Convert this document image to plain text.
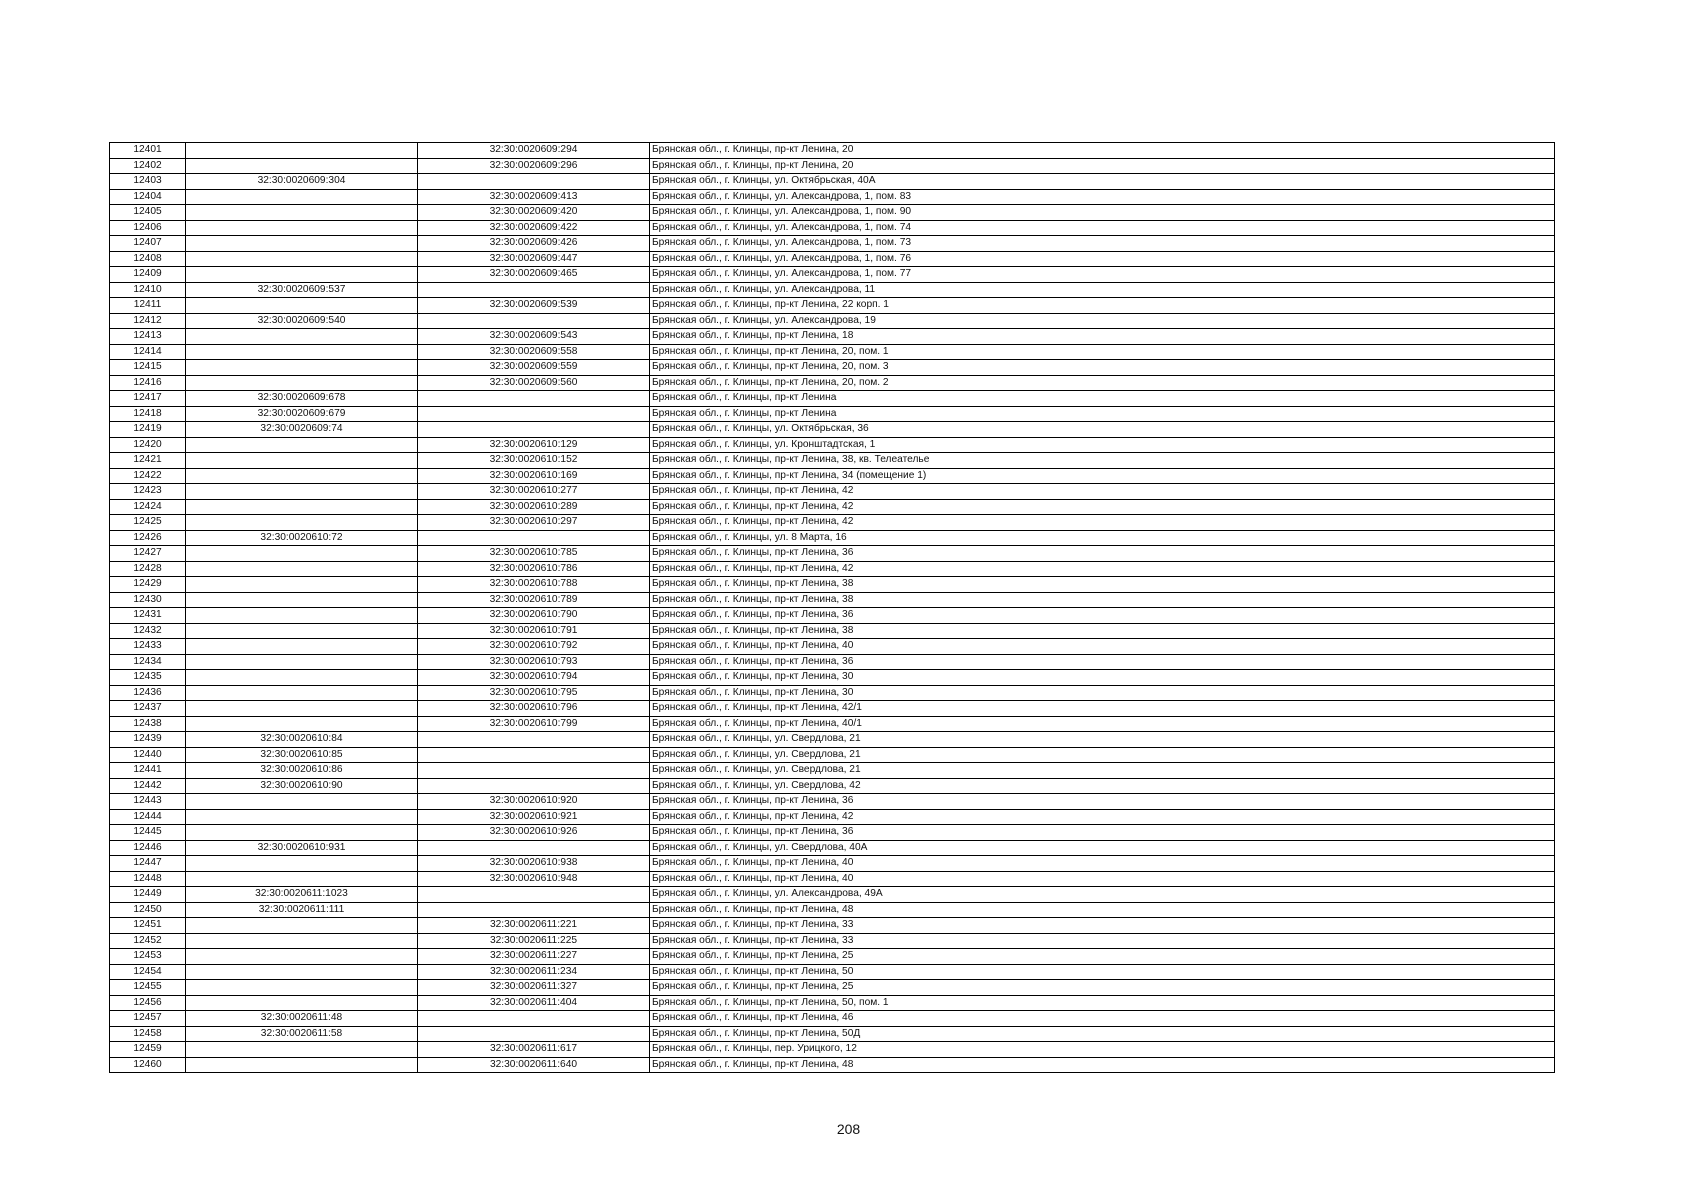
12401		32:30:0020609:294	Брянская обл., г. Клинцы, пр-кт Ленина, 20
12402		32:30:0020609:296	Брянская обл., г. Клинцы, пр-кт Ленина, 20
12403	32:30:0020609:304		Брянская обл., г. Клинцы, ул. Октябрьская, 40А
12404		32:30:0020609:413	Брянская обл., г. Клинцы, ул. Александрова, 1, пом. 83
12405		32:30:0020609:420	Брянская обл., г. Клинцы, ул. Александрова, 1, пом. 90
12406		32:30:0020609:422	Брянская обл., г. Клинцы, ул. Александрова, 1, пом. 74
12407		32:30:0020609:426	Брянская обл., г. Клинцы, ул. Александрова, 1, пом. 73
12408		32:30:0020609:447	Брянская обл., г. Клинцы, ул. Александрова, 1, пом. 76
12409		32:30:0020609:465	Брянская обл., г. Клинцы, ул. Александрова, 1, пом. 77
12410	32:30:0020609:537		Брянская обл., г. Клинцы, ул. Александрова, 11
12411		32:30:0020609:539	Брянская обл., г. Клинцы, пр-кт Ленина, 22 корп. 1
12412	32:30:0020609:540		Брянская обл., г. Клинцы, ул. Александрова, 19
12413		32:30:0020609:543	Брянская обл., г. Клинцы, пр-кт Ленина, 18
12414		32:30:0020609:558	Брянская обл., г. Клинцы, пр-кт Ленина, 20, пом. 1
12415		32:30:0020609:559	Брянская обл., г. Клинцы, пр-кт Ленина, 20, пом. 3
12416		32:30:0020609:560	Брянская обл., г. Клинцы, пр-кт Ленина, 20, пом. 2
12417	32:30:0020609:678		Брянская обл., г. Клинцы, пр-кт Ленина
12418	32:30:0020609:679		Брянская обл., г. Клинцы, пр-кт Ленина
12419	32:30:0020609:74		Брянская обл., г. Клинцы, ул. Октябрьская, 36
12420		32:30:0020610:129	Брянская обл., г. Клинцы, ул. Кронштадтская, 1
12421		32:30:0020610:152	Брянская обл., г. Клинцы, пр-кт Ленина, 38, кв. Телеателье
12422		32:30:0020610:169	Брянская обл., г. Клинцы, пр-кт Ленина, 34 (помещение 1)
12423		32:30:0020610:277	Брянская обл., г. Клинцы, пр-кт Ленина, 42
12424		32:30:0020610:289	Брянская обл., г. Клинцы, пр-кт Ленина, 42
12425		32:30:0020610:297	Брянская обл., г. Клинцы, пр-кт Ленина, 42
12426	32:30:0020610:72		Брянская обл., г. Клинцы, ул. 8 Марта, 16
12427		32:30:0020610:785	Брянская обл., г. Клинцы, пр-кт Ленина, 36
12428		32:30:0020610:786	Брянская обл., г. Клинцы, пр-кт Ленина, 42
12429		32:30:0020610:788	Брянская обл., г. Клинцы, пр-кт Ленина, 38
12430		32:30:0020610:789	Брянская обл., г. Клинцы, пр-кт Ленина, 38
12431		32:30:0020610:790	Брянская обл., г. Клинцы, пр-кт Ленина, 36
12432		32:30:0020610:791	Брянская обл., г. Клинцы, пр-кт Ленина, 38
12433		32:30:0020610:792	Брянская обл., г. Клинцы, пр-кт Ленина, 40
12434		32:30:0020610:793	Брянская обл., г. Клинцы, пр-кт Ленина, 36
12435		32:30:0020610:794	Брянская обл., г. Клинцы, пр-кт Ленина, 30
12436		32:30:0020610:795	Брянская обл., г. Клинцы, пр-кт Ленина, 30
12437		32:30:0020610:796	Брянская обл., г. Клинцы, пр-кт Ленина, 42/1
12438		32:30:0020610:799	Брянская обл., г. Клинцы, пр-кт Ленина, 40/1
12439	32:30:0020610:84		Брянская обл., г. Клинцы, ул. Свердлова, 21
12440	32:30:0020610:85		Брянская обл., г. Клинцы, ул. Свердлова, 21
12441	32:30:0020610:86		Брянская обл., г. Клинцы, ул. Свердлова, 21
12442	32:30:0020610:90		Брянская обл., г. Клинцы, ул. Свердлова, 42
12443		32:30:0020610:920	Брянская обл., г. Клинцы, пр-кт Ленина, 36
12444		32:30:0020610:921	Брянская обл., г. Клинцы, пр-кт Ленина, 42
12445		32:30:0020610:926	Брянская обл., г. Клинцы, пр-кт Ленина, 36
12446	32:30:0020610:931		Брянская обл., г. Клинцы, ул. Свердлова, 40А
12447		32:30:0020610:938	Брянская обл., г. Клинцы, пр-кт Ленина, 40
12448		32:30:0020610:948	Брянская обл., г. Клинцы, пр-кт Ленина, 40
12449	32:30:0020611:1023		Брянская обл., г. Клинцы, ул. Александрова, 49А
12450	32:30:0020611:111		Брянская обл., г. Клинцы, пр-кт Ленина, 48
12451		32:30:0020611:221	Брянская обл., г. Клинцы, пр-кт Ленина, 33
12452		32:30:0020611:225	Брянская обл., г. Клинцы, пр-кт Ленина, 33
12453		32:30:0020611:227	Брянская обл., г. Клинцы, пр-кт Ленина, 25
12454		32:30:0020611:234	Брянская обл., г. Клинцы, пр-кт Ленина, 50
12455		32:30:0020611:327	Брянская обл., г. Клинцы, пр-кт Ленина, 25
12456		32:30:0020611:404	Брянская обл., г. Клинцы, пр-кт Ленина, 50, пом. 1
12457	32:30:0020611:48		Брянская обл., г. Клинцы, пр-кт Ленина, 46
12458	32:30:0020611:58		Брянская обл., г. Клинцы, пр-кт Ленина, 50Д
12459		32:30:0020611:617	Брянская обл., г. Клинцы, пер. Урицкого, 12
12460		32:30:0020611:640	Брянская обл., г. Клинцы, пр-кт Ленина, 48
208
